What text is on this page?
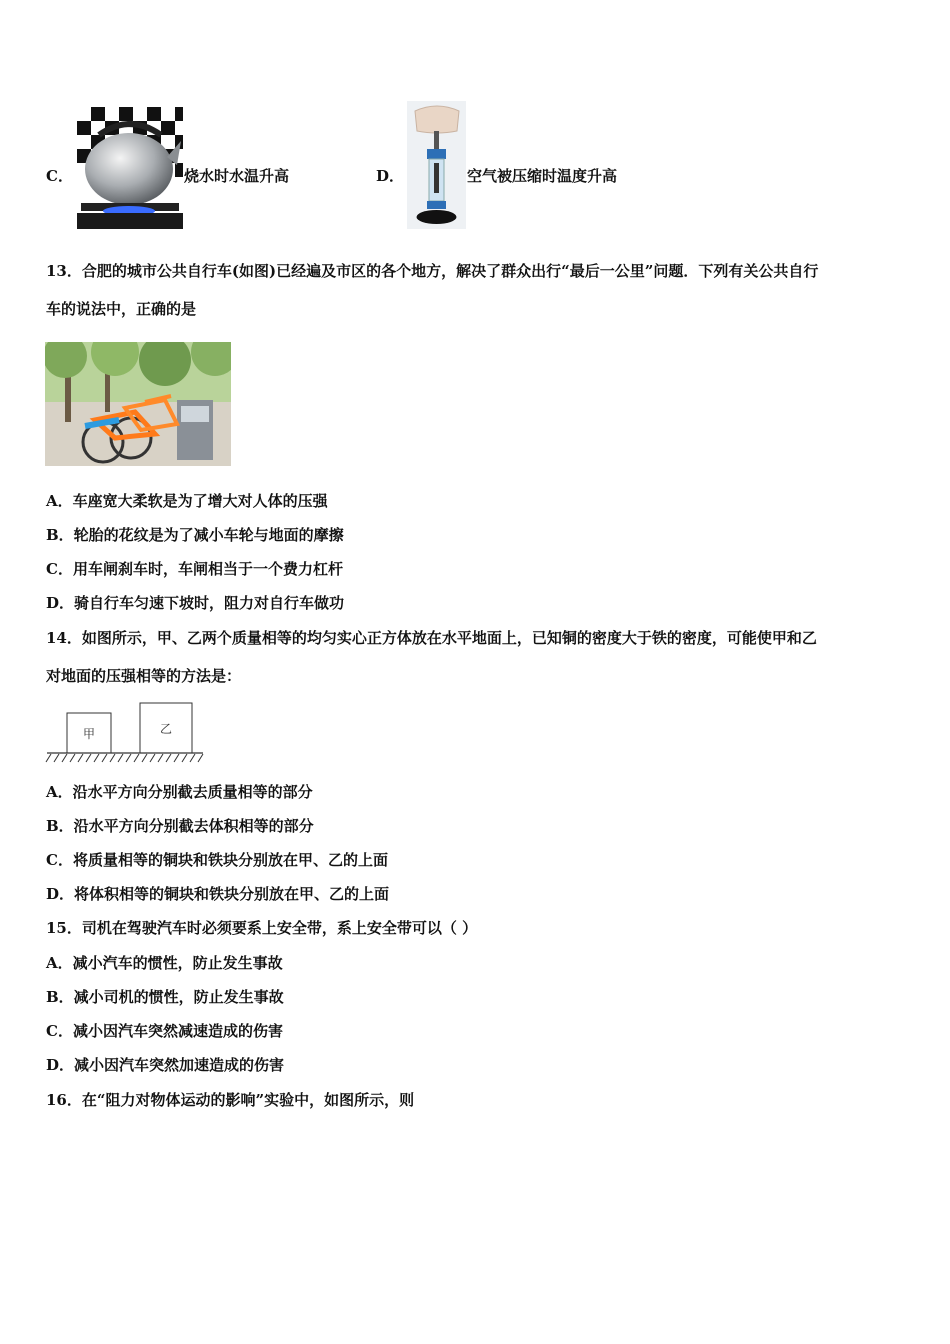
C．	烧水时水温升高	D．	空气被压缩时温度升高
13．合肥的城市公共自行车(如图)已经遍及市区的各个地方，解决了群众出行“最后一公里”问题．下列有关公共自行
车的说法中，正确的是
A．车座宽大柔软是为了增大对人体的压强
B．轮胎的花纹是为了减小车轮与地面的摩擦
C．用车闸刹车时，车闸相当于一个费力杠杆
D．骑自行车匀速下坡时，阻力对自行车做功
14．如图所示，甲、乙两个质量相等的均匀实心正方体放在水平地面上，已知铜的密度大于铁的密度，可能使甲和乙
对地面的压强相等的方法是：
甲	乙
A．沿水平方向分别截去质量相等的部分
B．沿水平方向分别截去体积相等的部分
C．将质量相等的铜块和铁块分别放在甲、乙的上面
D．将体积相等的铜块和铁块分别放在甲、乙的上面
15．司机在驾驶汽车时必须要系上安全带，系上安全带可以（ ）
A．减小汽车的惯性，防止发生事故
B．减小司机的惯性，防止发生事故
C．减小因汽车突然减速造成的伤害
D．减小因汽车突然加速造成的伤害
16．在“阻力对物体运动的影响”实验中，如图所示，则
